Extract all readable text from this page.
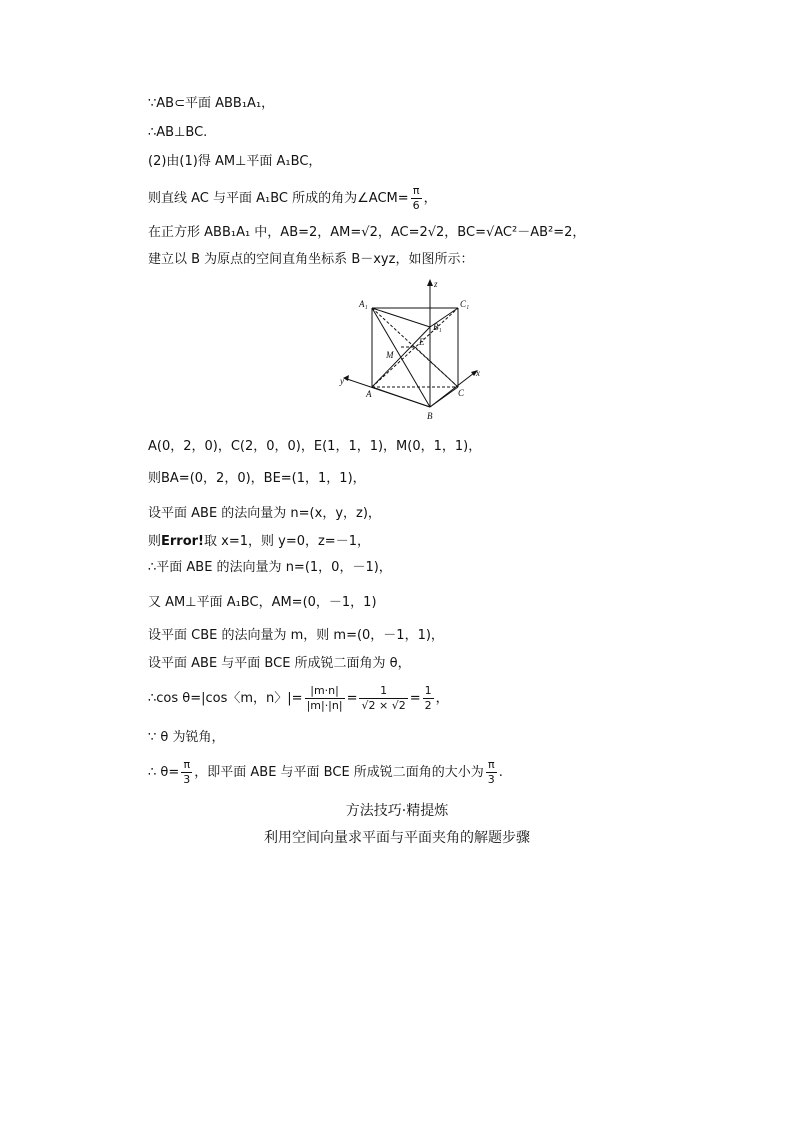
∵AB⊂平面 ABB₁A₁，
∴AB⊥BC.
(2)由(1)得 AM⊥平面 A₁BC，
则直线 AC 与平面 A₁BC 所成的角为∠ACM= $\frac{\pi}{6}$ ，
在正方形 ABB₁A₁ 中，AB=2，AM=√2，AC=2√2，BC=√AC²－AB²=2，
建立以 B 为原点的空间直角坐标系 B－xyz，如图所示：
A₁	C₁
B₁
E
M
A
B
C
x
y
z
A(0，2，0)，C(2，0，0)，E(1，1，1)，M(0，1，1)，
则BA=(0，2，0)，BE=(1，1，1)，
设平面 ABE 的法向量为 n=(x，y，z)，
则Error!取 x=1，则 y=0，z=－1，
∴平面 ABE 的法向量为 n=(1，0，－1)，
又 AM⊥平面 A₁BC，AM=(0，－1，1)
设平面 CBE 的法向量为 m，则 m=(0，－1，1)，
设平面 ABE 与平面 BCE 所成锐二面角为 θ，
∴cos θ=|cos〈m，n〉|= $\frac{|m\cdot n|}{|m|\cdot|n|} = \frac{1}{√2 \times √2} = \frac{1}{2}$ ，
∵ θ 为锐角，
∴ $\theta= \frac{\pi}{3}$ ，即平面 ABE 与平面 BCE 所成锐二面角的大小为 $\frac{\pi}{3}$ .
方法技巧·精提炼
利用空间向量求平面与平面夹角的解题步骤
